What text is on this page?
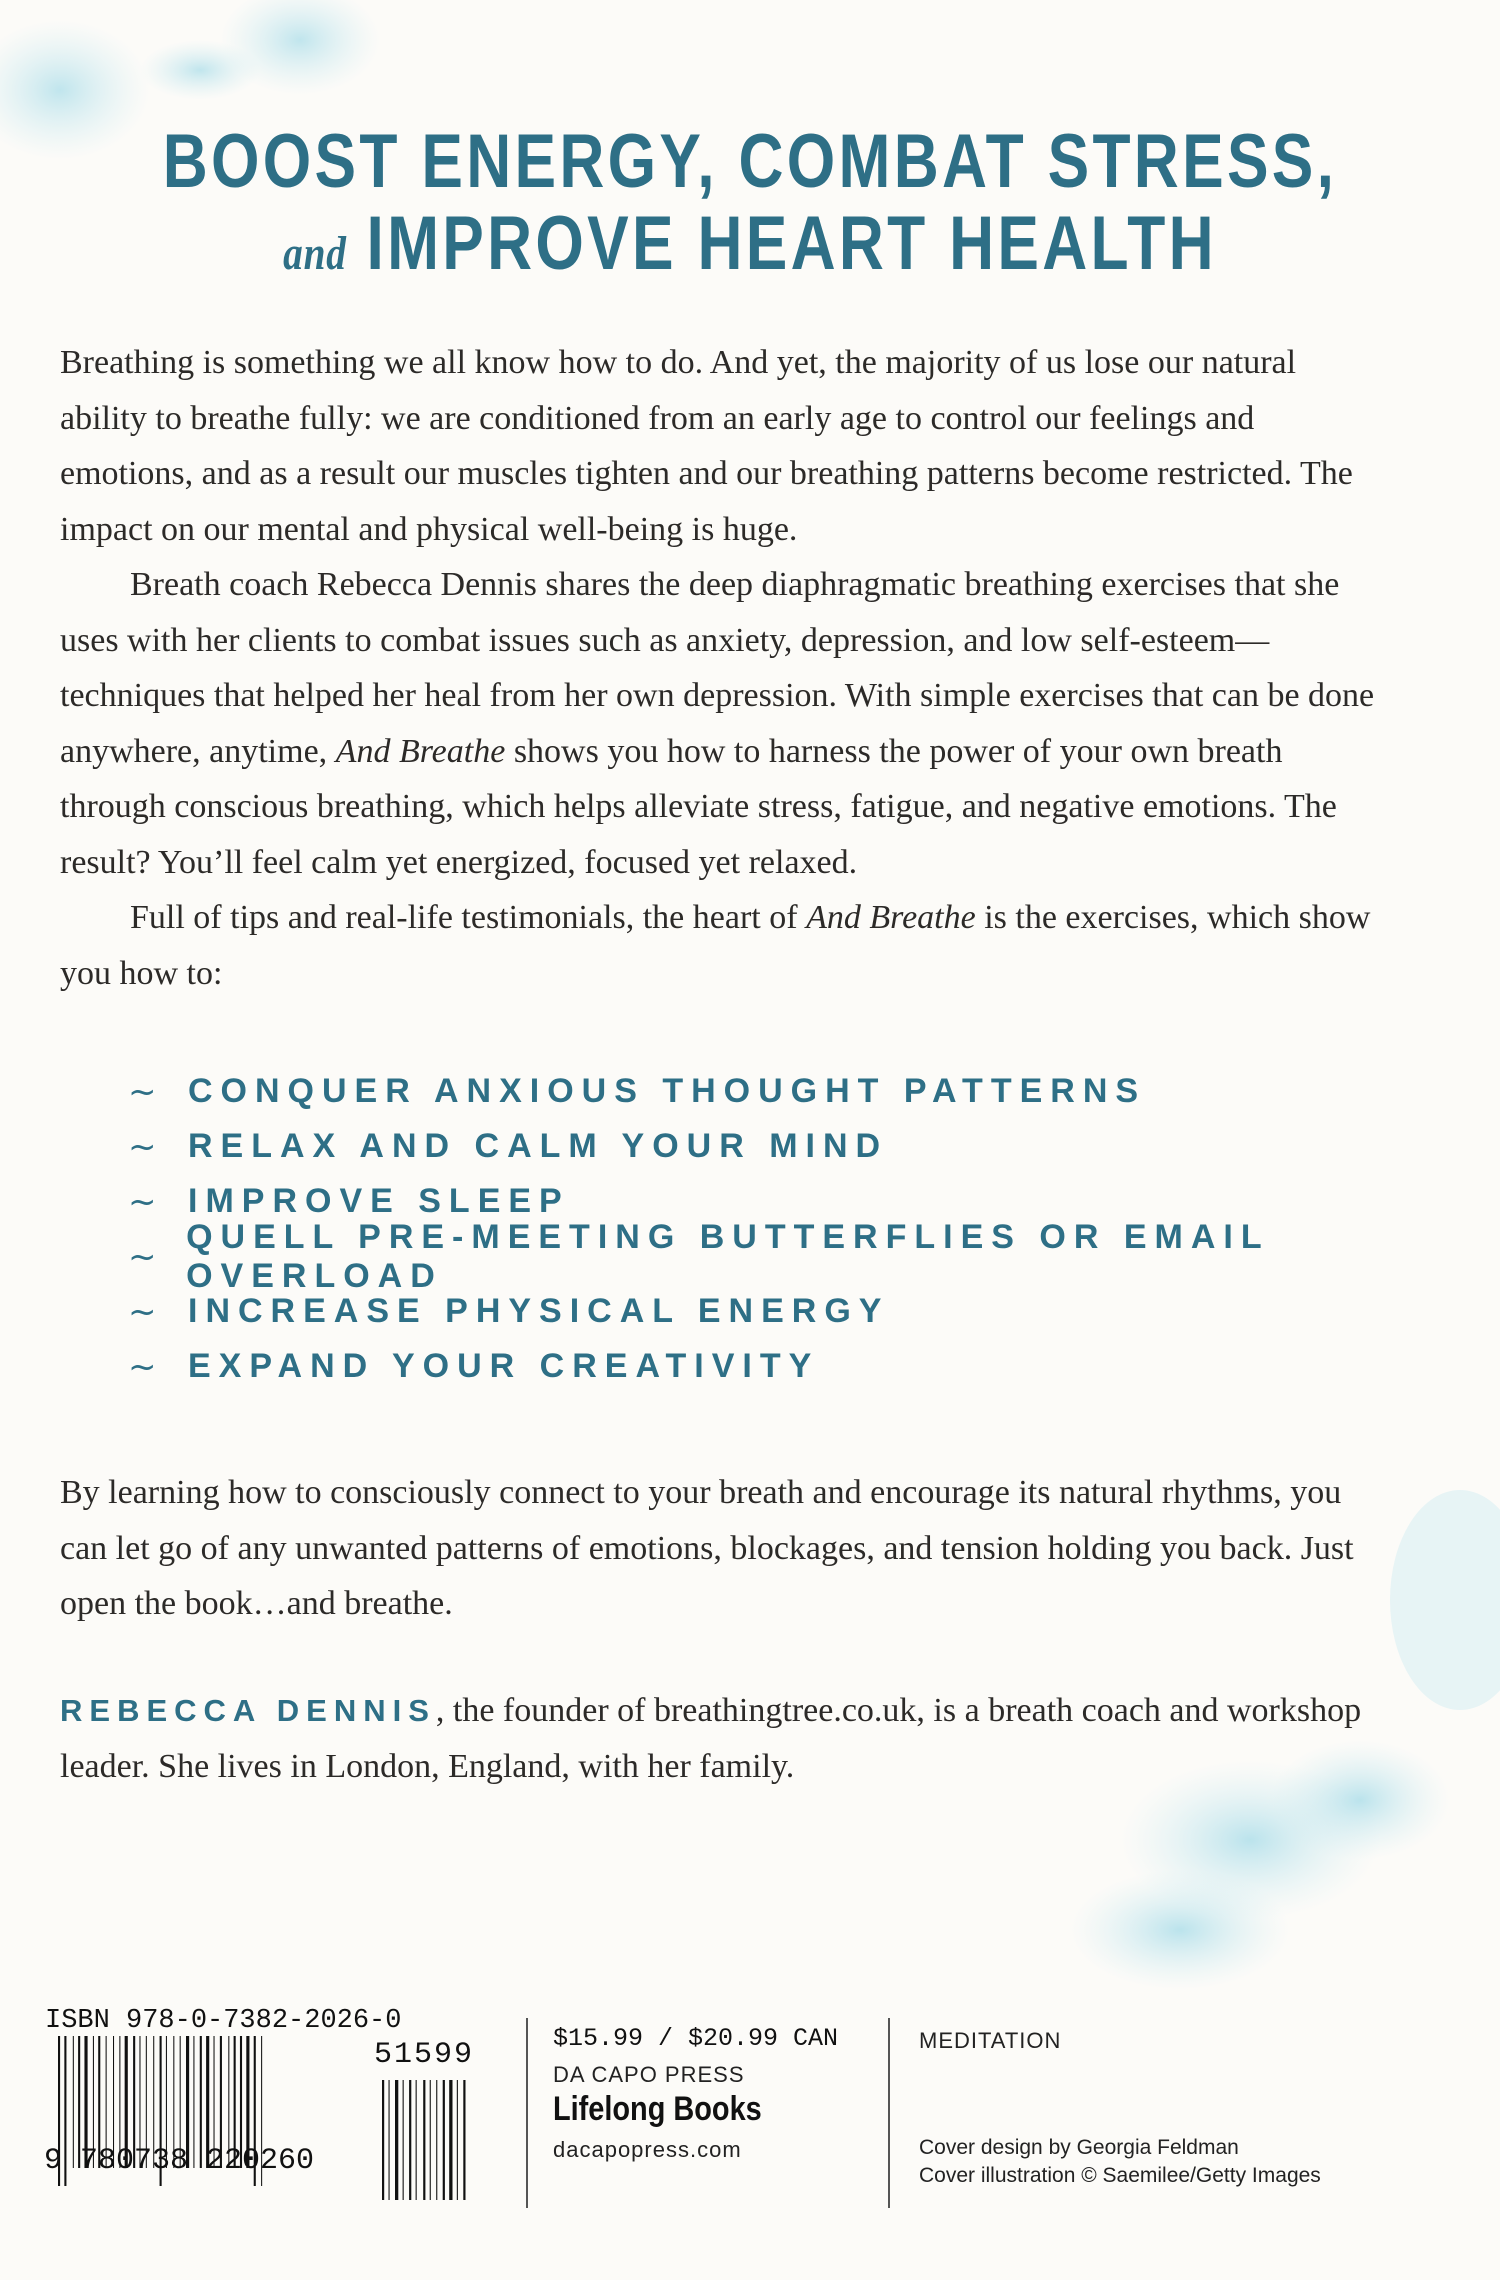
BOOST ENERGY, COMBAT STRESS,
and IMPROVE HEART HEALTH

Breathing is something we all know how to do. And yet, the majority of us lose our natural ability to breathe fully: we are conditioned from an early age to control our feelings and emotions, and as a result our muscles tighten and our breathing patterns become restricted. The impact on our mental and physical well-being is huge.

Breath coach Rebecca Dennis shares the deep diaphragmatic breathing exercises that she uses with her clients to combat issues such as anxiety, depression, and low self-esteem—techniques that helped her heal from her own depression. With simple exercises that can be done anywhere, anytime, And Breathe shows you how to harness the power of your own breath through conscious breathing, which helps alleviate stress, fatigue, and negative emotions. The result? You’ll feel calm yet energized, focused yet relaxed.

Full of tips and real-life testimonials, the heart of And Breathe is the exercises, which show you how to:

~ CONQUER ANXIOUS THOUGHT PATTERNS
~ RELAX AND CALM YOUR MIND
~ IMPROVE SLEEP
~ QUELL PRE-MEETING BUTTERFLIES OR EMAIL OVERLOAD
~ INCREASE PHYSICAL ENERGY
~ EXPAND YOUR CREATIVITY

By learning how to consciously connect to your breath and encourage its natural rhythms, you can let go of any unwanted patterns of emotions, blockages, and tension holding you back. Just open the book…and breathe.

REBECCA DENNIS, the founder of breathingtree.co.uk, is a breath coach and workshop leader. She lives in London, England, with her family.

ISBN 978-0-7382-2026-0
9 780738 220260
51599	$15.99 / $20.99 CAN
DA CAPO PRESS
Lifelong Books
dacapopress.com
MEDITATION
Cover design by Georgia Feldman
Cover illustration © Saemilee/Getty Images
